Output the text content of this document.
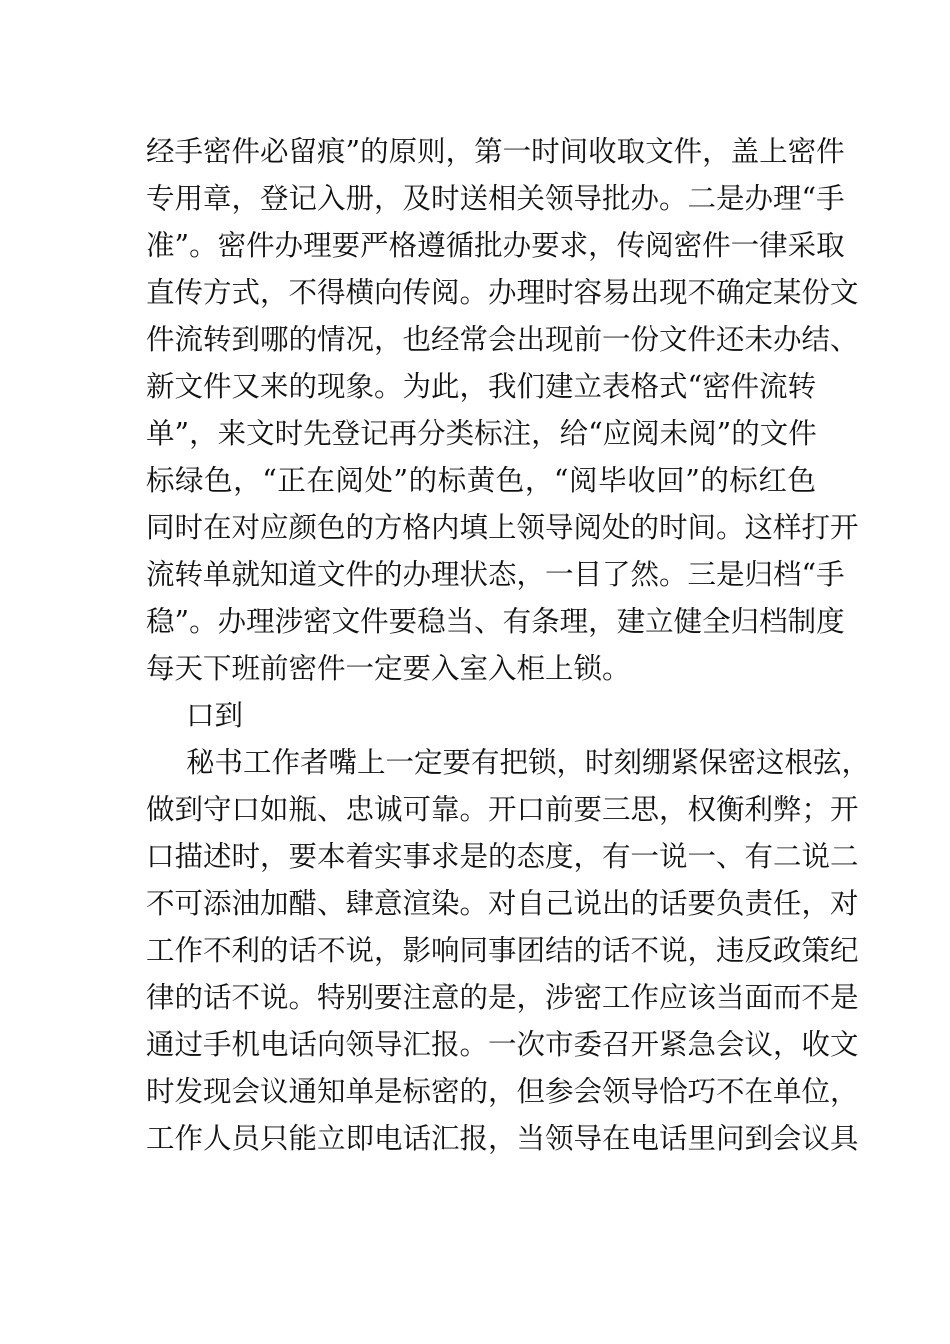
经手密件必留痕”的原则，第一时间收取文件，盖上密件
专用章，登记入册，及时送相关领导批办。二是办理“手
准”。密件办理要严格遵循批办要求，传阅密件一律采取
直传方式，不得横向传阅。办理时容易出现不确定某份文
件流转到哪的情况，也经常会出现前一份文件还未办结、
新文件又来的现象。为此，我们建立表格式“密件流转
单”，来文时先登记再分类标注，给“应阅未阅”的文件
标绿色，“正在阅处”的标黄色，“阅毕收回”的标红色
同时在对应颜色的方格内填上领导阅处的时间。这样打开
流转单就知道文件的办理状态，一目了然。三是归档“手
稳”。办理涉密文件要稳当、有条理，建立健全归档制度
每天下班前密件一定要入室入柜上锁。
口到
秘书工作者嘴上一定要有把锁，时刻绷紧保密这根弦，
做到守口如瓶、忠诚可靠。开口前要三思，权衡利弊；开
口描述时，要本着实事求是的态度，有一说一、有二说二
不可添油加醋、肆意渲染。对自己说出的话要负责任，对
工作不利的话不说，影响同事团结的话不说，违反政策纪
律的话不说。特别要注意的是，涉密工作应该当面而不是
通过手机电话向领导汇报。一次市委召开紧急会议，收文
时发现会议通知单是标密的，但参会领导恰巧不在单位，
工作人员只能立即电话汇报，当领导在电话里问到会议具
